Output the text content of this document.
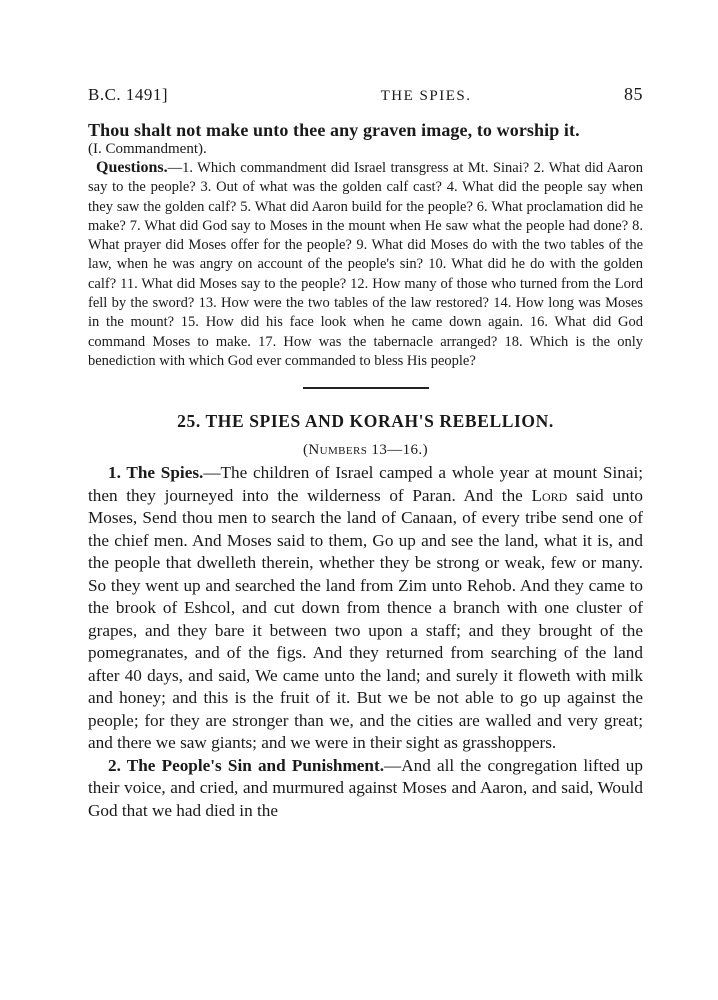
B.C. 1491]	THE SPIES.	85
Thou shalt not make unto thee any graven image, to worship it.
(I. Commandment).
Questions.—1. Which commandment did Israel transgress at Mt. Sinai? 2. What did Aaron say to the people? 3. Out of what was the golden calf cast? 4. What did the people say when they saw the golden calf? 5. What did Aaron build for the people? 6. What proclamation did he make? 7. What did God say to Moses in the mount when He saw what the people had done? 8. What prayer did Moses offer for the people? 9. What did Moses do with the two tables of the law, when he was angry on account of the people's sin? 10. What did he do with the golden calf? 11. What did Moses say to the people? 12. How many of those who turned from the Lord fell by the sword? 13. How were the two tables of the law restored? 14. How long was Moses in the mount? 15. How did his face look when he came down again. 16. What did God command Moses to make. 17. How was the tabernacle arranged? 18. Which is the only benediction with which God ever commanded to bless His people?
25. THE SPIES AND KORAH'S REBELLION.
(Numbers 13—16.)

1. The Spies.—The children of Israel camped a whole year at mount Sinai; then they journeyed into the wilderness of Paran. And the Lord said unto Moses, Send thou men to search the land of Canaan, of every tribe send one of the chief men. And Moses said to them, Go up and see the land, what it is, and the people that dwelleth therein, whether they be strong or weak, few or many. So they went up and searched the land from Zim unto Rehob. And they came to the brook of Eshcol, and cut down from thence a branch with one cluster of grapes, and they bare it between two upon a staff; and they brought of the pomegranates, and of the figs. And they returned from searching of the land after 40 days, and said, We came unto the land; and surely it floweth with milk and honey; and this is the fruit of it. But we be not able to go up against the people; for they are stronger than we, and the cities are walled and very great; and there we saw giants; and we were in their sight as grasshoppers.

2. The People's Sin and Punishment.—And all the congregation lifted up their voice, and cried, and murmured against Moses and Aaron, and said, Would God that we had died in the
